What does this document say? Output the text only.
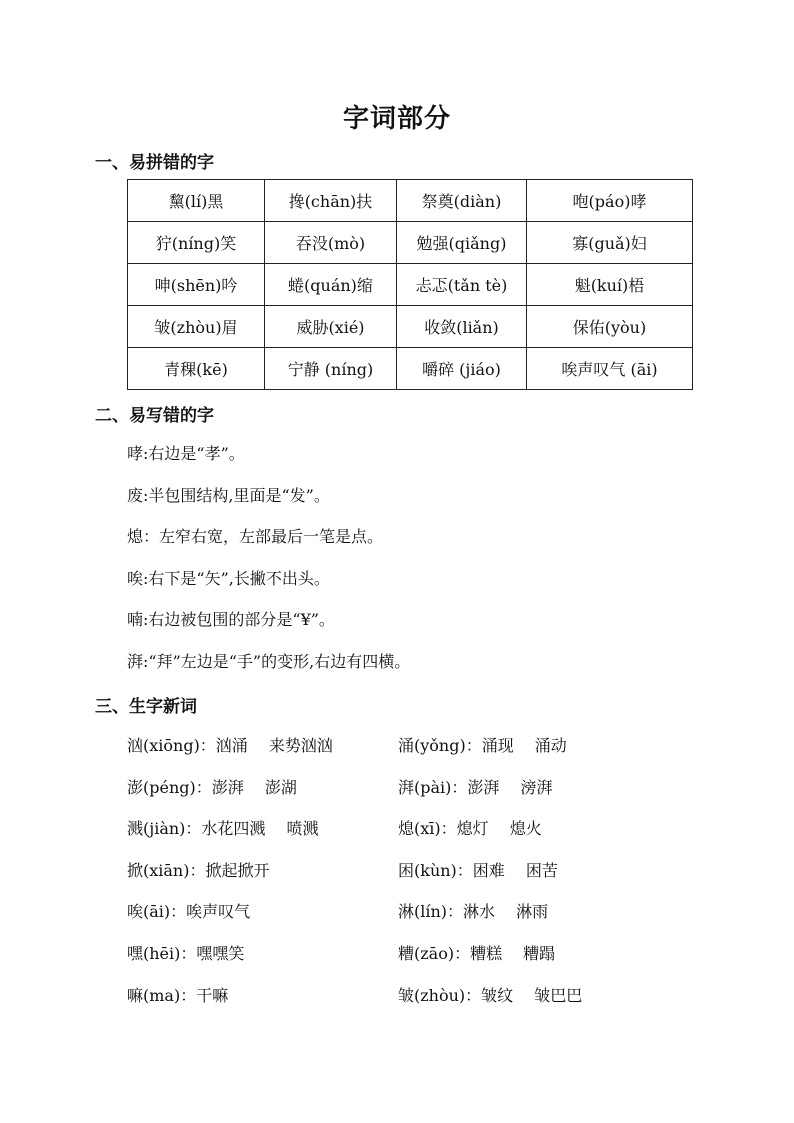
字词部分
一、易拼错的字
黧(lí)黑	搀(chān)扶	祭奠(diàn)	咆(páo)哮
狞(níng)笑	吞没(mò)	勉强(qiǎng)	寡(guǎ)妇
呻(shēn)吟	蜷(quán)缩	忐忑(tǎn tè)	魁(kuí)梧
皱(zhòu)眉	威胁(xié)	收敛(liǎn)	保佑(yòu)
青稞(kē)	宁静 (níng)	嚼碎 (jiáo)	唉声叹气 (āi)
二、易写错的字
哮:右边是“孝”。
废:半包围结构,里面是“发”。
熄：左窄右宽，左部最后一笔是点。
唉:右下是“矢”,长撇不出头。
喃:右边被包围的部分是“¥”。
湃:“拜”左边是“手”的变形,右边有四横。
三、生字新词
汹(xiōng)：汹涌　 来势汹汹	涌(yǒng)：涌现　 涌动
澎(péng)：澎湃　 澎湖	湃(pài)：澎湃　 滂湃
溅(jiàn)：水花四溅　 喷溅	熄(xī)：熄灯　 熄火
掀(xiān)：掀起掀开	困(kùn)：困难　 困苦
唉(āi)：唉声叹气	淋(lín)：淋水　 淋雨
嘿(hēi)：嘿嘿笑	糟(zāo)：糟糕　 糟蹋
嘛(ma)：干嘛	皱(zhòu)：皱纹　 皱巴巴
